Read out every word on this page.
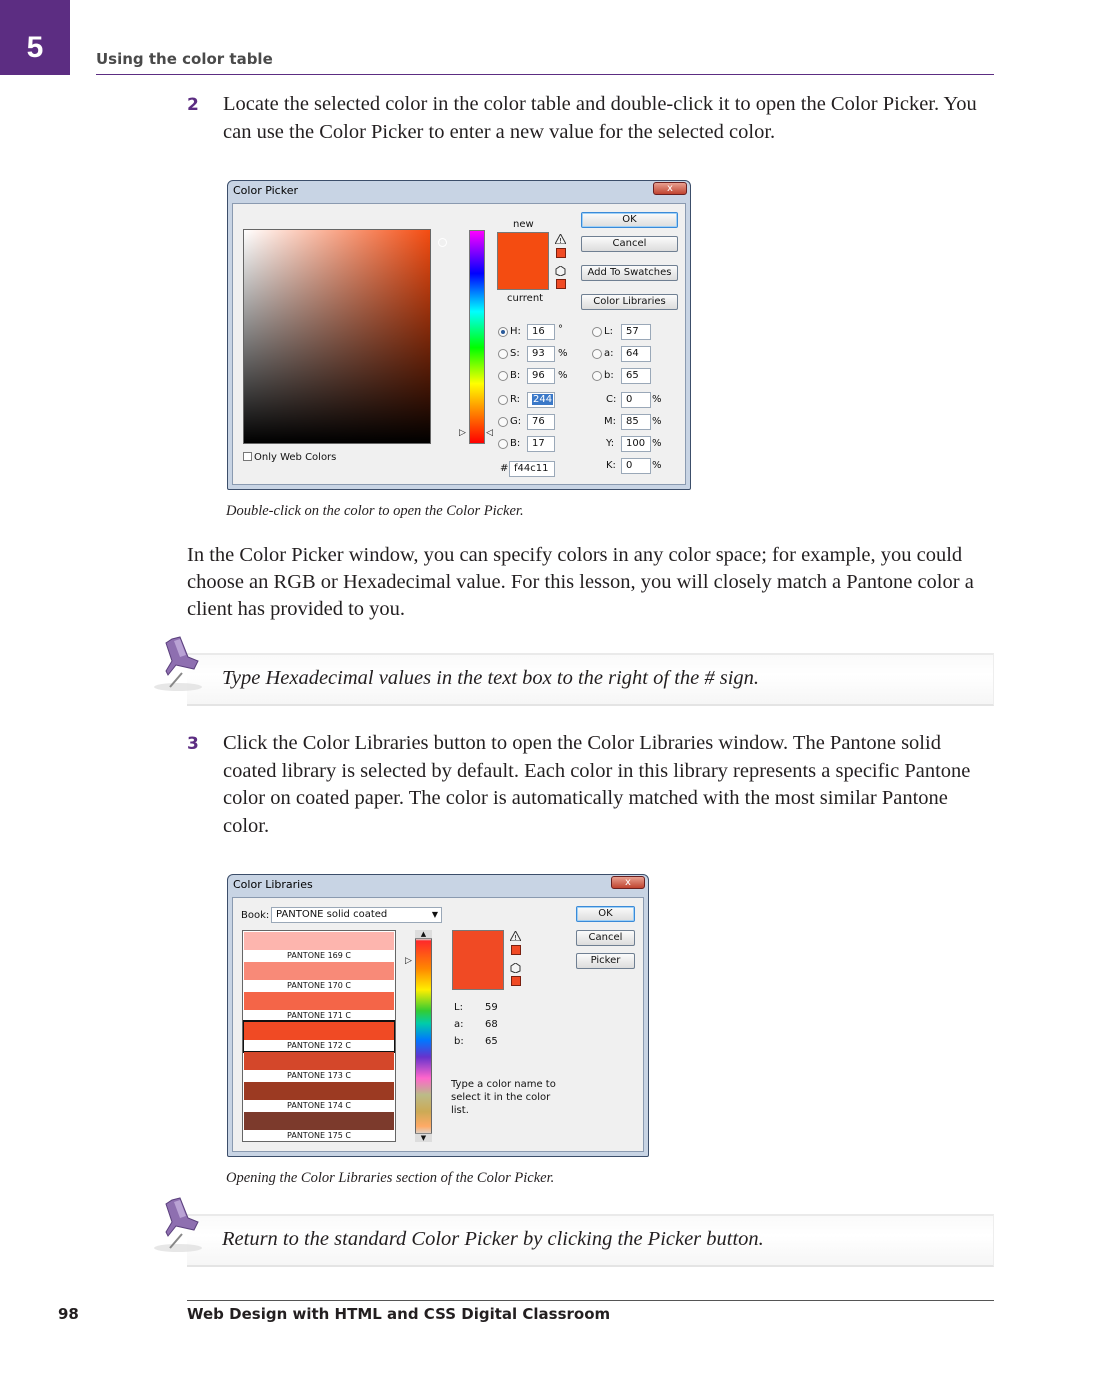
5	Using the color table
2 Locate the selected color in the color table and double-click it to open the Color Picker. You can use the Color Picker to enter a new value for the selected color.
Color Picker	x
Only Web Colors
▷ ◁
new
current
!
OK
Cancel
Add To Swatches
Color Libraries
H:	16	°
S:	93	%
B:	96	%
R:	244
G:	76
B:	17
# f44c11
L:	57
a:	64
b:	65
C: 0	%
M:	85	%
Y:	100 %
K:	0	%
Double-click on the color to open the Color Picker.
In the Color Picker window, you can specify colors in any color space; for example, you could choose an RGB or Hexadecimal value. For this lesson, you will closely match a Pantone color a client has provided to you.
Type Hexadecimal values in the text box to the right of the # sign.
3 Click the Color Libraries button to open the Color Libraries window. The Pantone solid coated library is selected by default. Each color in this library represents a specific Pantone color on coated paper. The color is automatically matched with the most similar Pantone color.
Color Libraries	x
Book: PANTONE solid coated	▼
PANTONE 169 C
PANTONE 170 C
PANTONE 171 C
PANTONE 172 C
PANTONE 173 C
PANTONE 174 C
PANTONE 175 C
▲
▼
▷
!
L: 59
a: 68
b: 65
Type a color name to select it in the color list.
OK
Cancel
Picker
Opening the Color Libraries section of the Color Picker.
Return to the standard Color Picker by clicking the Picker button.
98	Web Design with HTML and CSS Digital Classroom
